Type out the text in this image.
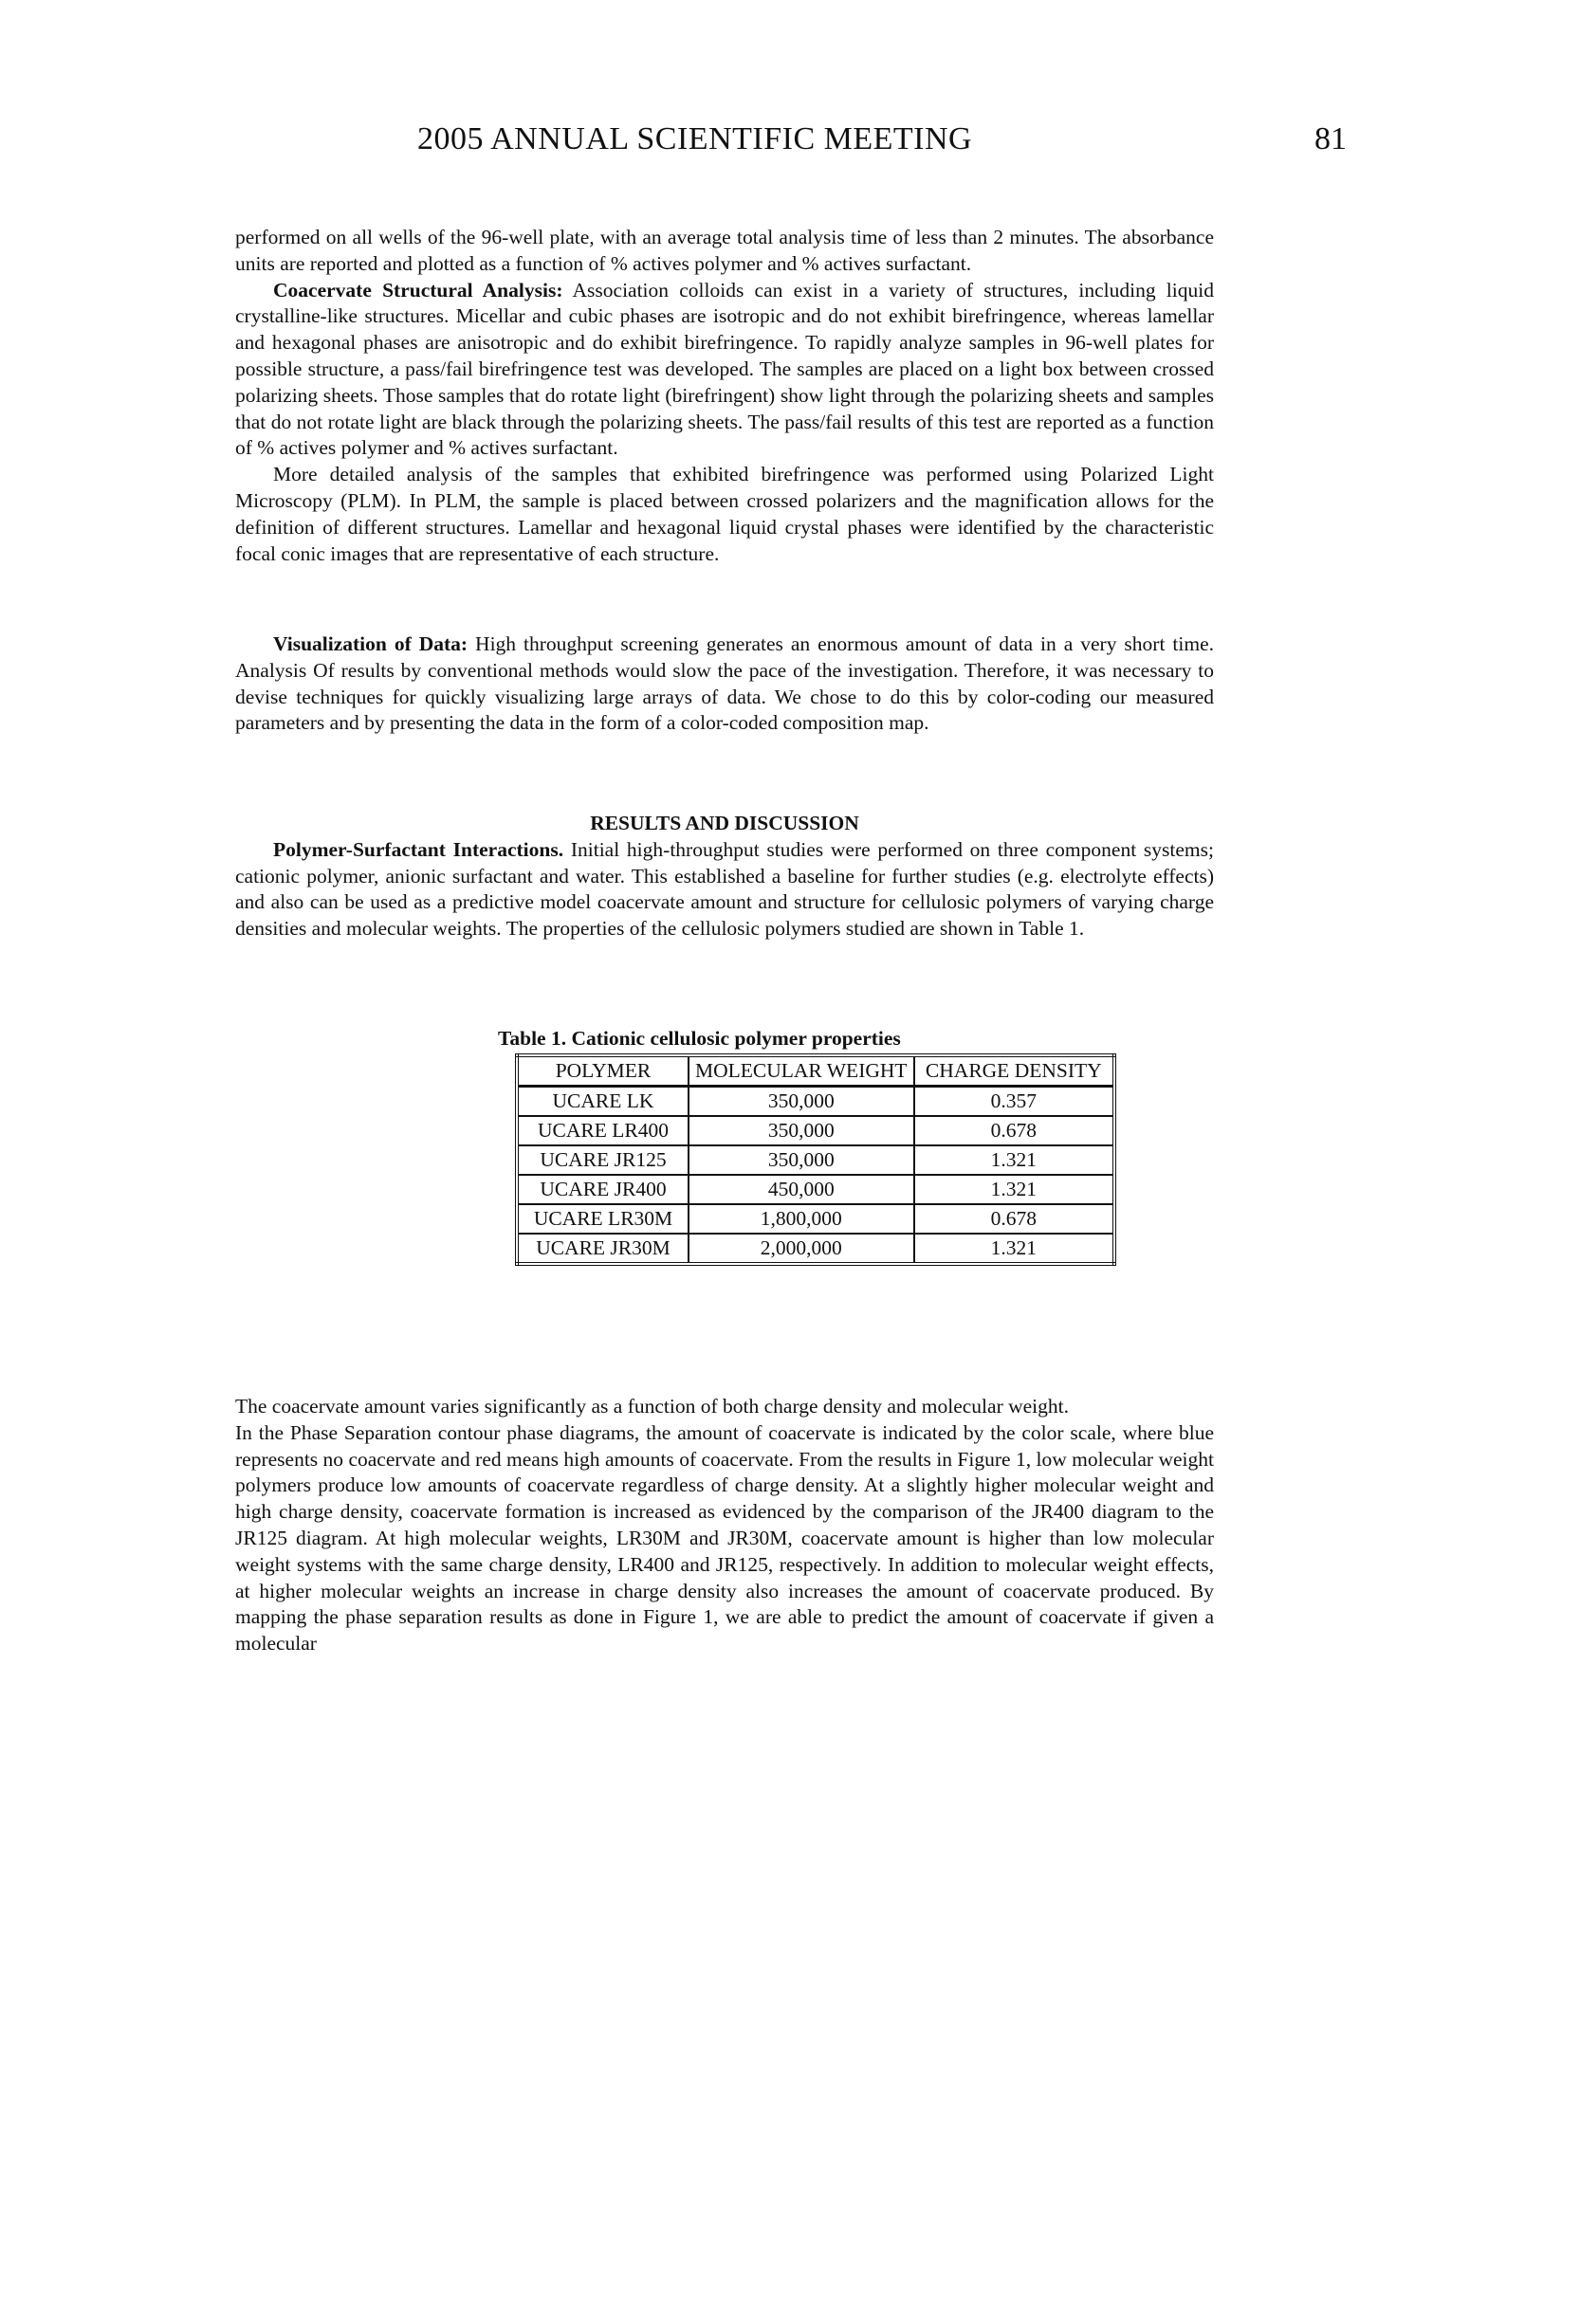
2005 ANNUAL SCIENTIFIC MEETING	81

performed on all wells of the 96-well plate, with an average total analysis time of less than 2 minutes. The absorbance units are reported and plotted as a function of % actives polymer and % actives surfactant.

Coacervate Structural Analysis: Association colloids can exist in a variety of structures, including liquid crystalline-like structures. Micellar and cubic phases are isotropic and do not exhibit birefringence, whereas lamellar and hexagonal phases are anisotropic and do exhibit birefringence. To rapidly analyze samples in 96-well plates for possible structure, a pass/fail birefringence test was developed. The samples are placed on a light box between crossed polarizing sheets. Those samples that do rotate light (birefringent) show light through the polarizing sheets and samples that do not rotate light are black through the polarizing sheets. The pass/fail results of this test are reported as a function of % actives polymer and % actives surfactant.

More detailed analysis of the samples that exhibited birefringence was performed using Polarized Light Microscopy (PLM). In PLM, the sample is placed between crossed polarizers and the magnification allows for the definition of different structures. Lamellar and hexagonal liquid crystal phases were identified by the characteristic focal conic images that are representative of each structure.

Visualization of Data: High throughput screening generates an enormous amount of data in a very short time. Analysis Of results by conventional methods would slow the pace of the investigation. Therefore, it was necessary to devise techniques for quickly visualizing large arrays of data. We chose to do this by color-coding our measured parameters and by presenting the data in the form of a color-coded composition map.

RESULTS AND DISCUSSION

Polymer-Surfactant Interactions. Initial high-throughput studies were performed on three component systems; cationic polymer, anionic surfactant and water. This established a baseline for further studies (e.g. electrolyte effects) and also can be used as a predictive model coacervate amount and structure for cellulosic polymers of varying charge densities and molecular weights. The properties of the cellulosic polymers studied are shown in Table 1.

Table 1. Cationic cellulosic polymer properties
POLYMER	MOLECULAR WEIGHT	CHARGE DENSITY
UCARE LK	350,000	0.357
UCARE LR400	350,000	0.678
UCARE JR125	350,000	1.321
UCARE JR400	450,000	1.321
UCARE LR30M	1,800,000	0.678
UCARE JR30M	2,000,000	1.321

The coacervate amount varies significantly as a function of both charge density and molecular weight.

In the Phase Separation contour phase diagrams, the amount of coacervate is indicated by the color scale, where blue represents no coacervate and red means high amounts of coacervate. From the results in Figure 1, low molecular weight polymers produce low amounts of coacervate regardless of charge density. At a slightly higher molecular weight and high charge density, coacervate formation is increased as evidenced by the comparison of the JR400 diagram to the JR125 diagram. At high molecular weights, LR30M and JR30M, coacervate amount is higher than low molecular weight systems with the same charge density, LR400 and JR125, respectively. In addition to molecular weight effects, at higher molecular weights an increase in charge density also increases the amount of coacervate produced. By mapping the phase separation results as done in Figure 1, we are able to predict the amount of coacervate if given a molecular
